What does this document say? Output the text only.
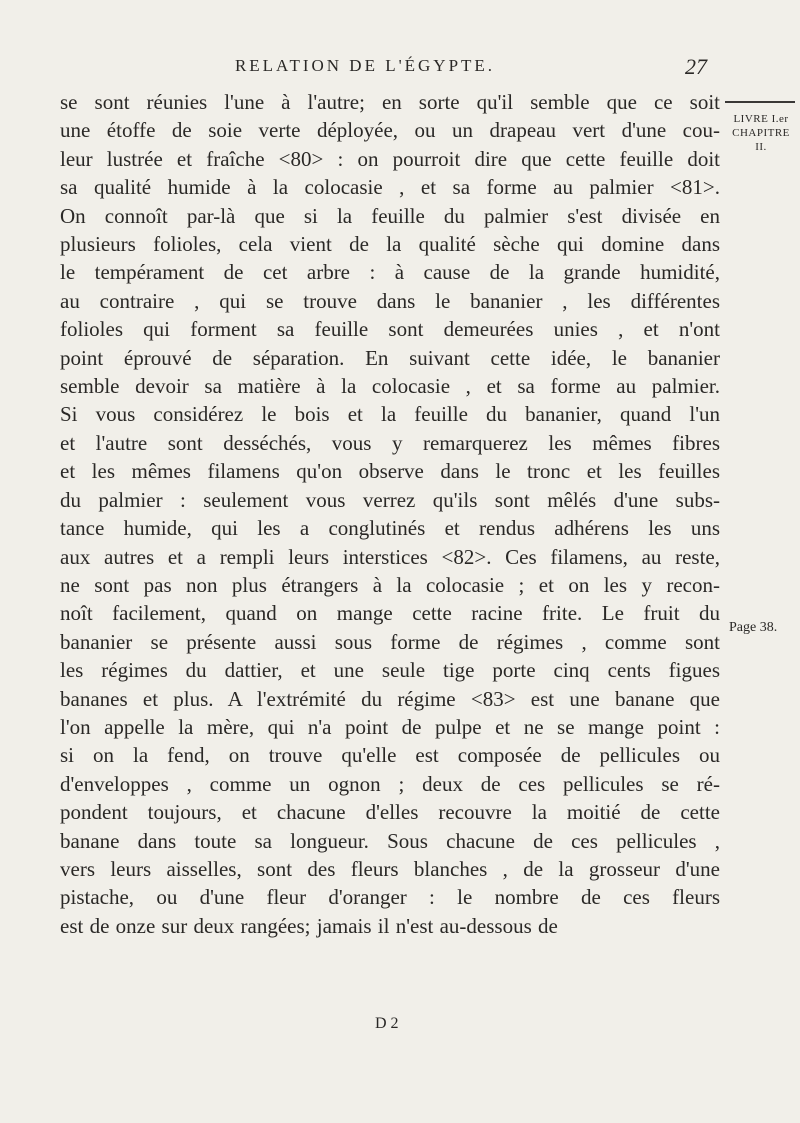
RELATION DE L'ÉGYPTE.	27
LIVRE I.er
CHAPITRE II.
Page 38.
se sont réunies l'une à l'autre; en sorte qu'il semble que ce soit
une étoffe de soie verte déployée, ou un drapeau vert d'une cou-
leur lustrée et fraîche <80> : on pourroit dire que cette feuille doit
sa qualité humide à la colocasie , et sa forme au palmier <81>.
On connoît par-là que si la feuille du palmier s'est divisée en
plusieurs folioles, cela vient de la qualité sèche qui domine dans
le tempérament de cet arbre : à cause de la grande humidité,
au contraire , qui se trouve dans le bananier , les différentes
folioles qui forment sa feuille sont demeurées unies , et n'ont
point éprouvé de séparation. En suivant cette idée, le bananier
semble devoir sa matière à la colocasie , et sa forme au palmier.
Si vous considérez le bois et la feuille du bananier, quand l'un
et l'autre sont desséchés, vous y remarquerez les mêmes fibres
et les mêmes filamens qu'on observe dans le tronc et les feuilles
du palmier : seulement vous verrez qu'ils sont mêlés d'une subs-
tance humide, qui les a conglutinés et rendus adhérens les uns
aux autres et a rempli leurs interstices <82>. Ces filamens, au reste,
ne sont pas non plus étrangers à la colocasie ; et on les y recon-
noît facilement, quand on mange cette racine frite. Le fruit du
bananier se présente aussi sous forme de régimes , comme sont
les régimes du dattier, et une seule tige porte cinq cents figues
bananes et plus. A l'extrémité du régime <83> est une banane que
l'on appelle la mère, qui n'a point de pulpe et ne se mange point :
si on la fend, on trouve qu'elle est composée de pellicules ou
d'enveloppes , comme un ognon ; deux de ces pellicules se ré-
pondent toujours, et chacune d'elles recouvre la moitié de cette
banane dans toute sa longueur. Sous chacune de ces pellicules ,
vers leurs aisselles, sont des fleurs blanches , de la grosseur d'une
pistache, ou d'une fleur d'oranger : le nombre de ces fleurs
est de onze sur deux rangées; jamais il n'est au-dessous de
D 2
